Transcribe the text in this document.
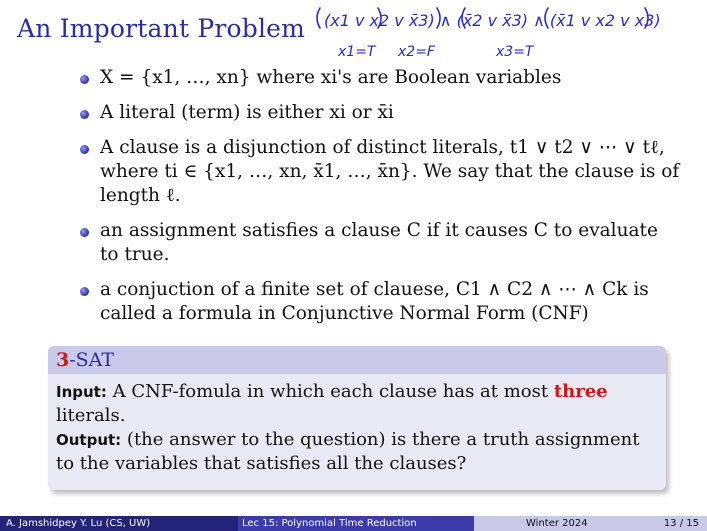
An Important Problem (x1 v x2 v x̄3) ∧ (x̄2 v x̄3) ∧ (x̄1 v x2 v x3)
x1=T x2=F	x3=T
X = {x1, …, xn} where xi's are Boolean variables
A literal (term) is either xi or x̄i
A clause is a disjunction of distinct literals, t1 ∨ t2 ∨ ⋯ ∨ tℓ, where ti ∈ {x1, …, xn, x̄1, …, x̄n}. We say that the clause is of length ℓ.
an assignment satisfies a clause C if it causes C to evaluate to true.
a conjuction of a finite set of clauese, C1 ∧ C2 ∧ ⋯ ∧ Ck is called a formula in Conjunctive Normal Form (CNF)
3-SAT
Input: A CNF-fomula in which each clause has at most three literals.
Output: (the answer to the question) is there a truth assignment to the variables that satisfies all the clauses?
A. Jamshidpey Y. Lu (CS, UW)	Lec 15: Polynomial Time Reduction	Winter 2024	13 / 15
